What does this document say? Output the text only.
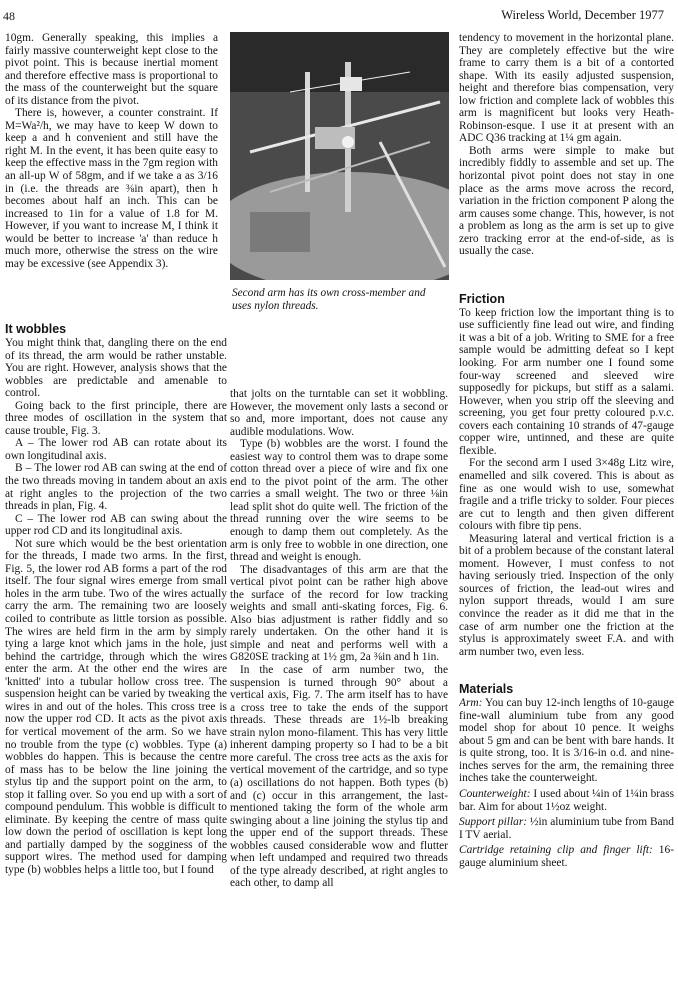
48	Wireless World, December 1977

10gm. Generally speaking, this implies a fairly massive counterweight kept close to the pivot point. This is because inertial moment and therefore effective mass is proportional to the mass of the counterweight but the square of its distance from the pivot.

There is, however, a counter constraint. If M=Wa²/h, we may have to keep W down to keep a and h convenient and still have the right M. In the event, it has been quite easy to keep the effective mass in the 7gm region with an all-up W of 58gm, and if we take a as 3/16 in (i.e. the threads are ⅜in apart), then h becomes about half an inch. This can be increased to 1in for a value of 1.8 for M. However, if you want to increase M, I think it would be better to increase 'a' than reduce h much more, otherwise the stress on the wire may be excessive (see Appendix 3).

Second arm has its own cross-member and uses nylon threads.
It wobbles

You might think that, dangling there on the end of its thread, the arm would be rather unstable. You are right. However, analysis shows that the wobbles are predictable and amenable to control.

Going back to the first principle, there are three modes of oscillation in the system that cause trouble, Fig. 3.

A – The lower rod AB can rotate about its own longitudinal axis.

B – The lower rod AB can swing at the end of the two threads moving in tandem about an axis at right angles to the projection of the two threads in plan, Fig. 4.

C – The lower rod AB can swing about the upper rod CD and its longitudinal axis.

Not sure which would be the best orientation for the threads, I made two arms. In the first, Fig. 5, the lower rod AB forms a part of the rod itself. The four signal wires emerge from small holes in the arm tube. Two of the wires actually carry the arm. The remaining two are loosely coiled to contribute as little torsion as possible. The wires are held firm in the arm by simply tying a large knot which jams in the hole, just behind the cartridge, through which the wires enter the arm. At the other end the wires are 'knitted' into a tubular hollow cross tree. The suspension height can be varied by tweaking the wires in and out of the holes. This cross tree is now the upper rod CD. It acts as the pivot axis for vertical movement of the arm. So we have no trouble from the type (c) wobbles. Type (a) wobbles do happen. This is because the centre of mass has to be below the line joining the stylus tip and the support point on the arm, to stop it falling over. So you end up with a sort of compound pendulum. This wobble is difficult to eliminate. By keeping the centre of mass quite low down the period of oscillation is kept long and partially damped by the sogginess of the support wires. The method used for damping type (b) wobbles helps a little too, but I found

that jolts on the turntable can set it wobbling. However, the movement only lasts a second or so and, more important, does not cause any audible modulations. Wow.

Type (b) wobbles are the worst. I found the easiest way to control them was to drape some cotton thread over a piece of wire and fix one end to the pivot point of the arm. The other carries a small weight. The two or three ⅛in lead split shot do quite well. The friction of the thread running over the wire seems to be enough to damp them out completely. As the arm is only free to wobble in one direction, one thread and weight is enough.

The disadvantages of this arm are that the vertical pivot point can be rather high above the surface of the record for low tracking weights and small anti-skating forces, Fig. 6. Also bias adjustment is rather fiddly and so rarely undertaken. On the other hand it is simple and neat and performs well with a G820SE tracking at 1½ gm, 2a ⅜in and h 1in.

In the case of arm number two, the suspension is turned through 90° about a vertical axis, Fig. 7. The arm itself has to have a cross tree to take the ends of the support threads. These threads are 1½-lb breaking strain nylon mono-filament. This has very little inherent damping property so I had to be a bit more careful. The cross tree acts as the axis for vertical movement of the cartridge, and so type (a) oscillations do not happen. Both types (b) and (c) occur in this arrangement, the last-mentioned taking the form of the whole arm swinging about a line joining the stylus tip and the upper end of the support threads. These wobbles caused considerable wow and flutter when left undamped and required two threads of the type already described, at right angles to each other, to damp all

tendency to movement in the horizontal plane. They are completely effective but the wire frame to carry them is a bit of a contorted shape. With its easily adjusted suspension, height and therefore bias compensation, very low friction and complete lack of wobbles this arm is magnificent but looks very Heath-Robinson-esque. I use it at present with an ADC Q36 tracking at 1¼ gm again.

Both arms were simple to make but incredibly fiddly to assemble and set up. The horizontal pivot point does not stay in one place as the arms move across the record, variation in the friction component P along the arm causes some change. This, however, is not a problem as long as the arm is set up to give zero tracking error at the end-of-side, as is usually the case.

Friction

To keep friction low the important thing is to use sufficiently fine lead out wire, and finding it was a bit of a job. Writing to SME for a free sample would be admitting defeat so I kept looking. For arm number one I found some four-way screened and sleeved wire supposedly for pickups, but stiff as a salami. However, when you strip off the sleeving and screening, you get four pretty coloured p.v.c. covers each containing 10 strands of 47-gauge copper wire, untinned, and these are quite flexible.

For the second arm I used 3×48g Litz wire, enamelled and silk covered. This is about as fine as one would wish to use, somewhat fragile and a trifle tricky to solder. Four pieces are cut to length and then given different colours with fibre tip pens.

Measuring lateral and vertical friction is a bit of a problem because of the constant lateral moment. However, I must confess to not having seriously tried. Inspection of the only sources of friction, the lead-out wires and nylon support threads, would I am sure convince the reader as it did me that in the case of arm number one the friction at the stylus is approximately sweet F.A. and with arm number two, even less.

Materials

Arm: You can buy 12-inch lengths of 10-gauge fine-wall aluminium tube from any good model shop for about 10 pence. It weighs about 5 gm and can be bent with bare hands. It is quite strong, too. It is 3/16-in o.d. and nine-inches serves for the arm, the remaining three inches take the counterweight.

Counterweight: I used about ¼in of 1¼in brass bar. Aim for about 1½oz weight.

Support pillar: ½in aluminium tube from Band I TV aerial.

Cartridge retaining clip and finger lift: 16-gauge aluminium sheet.
